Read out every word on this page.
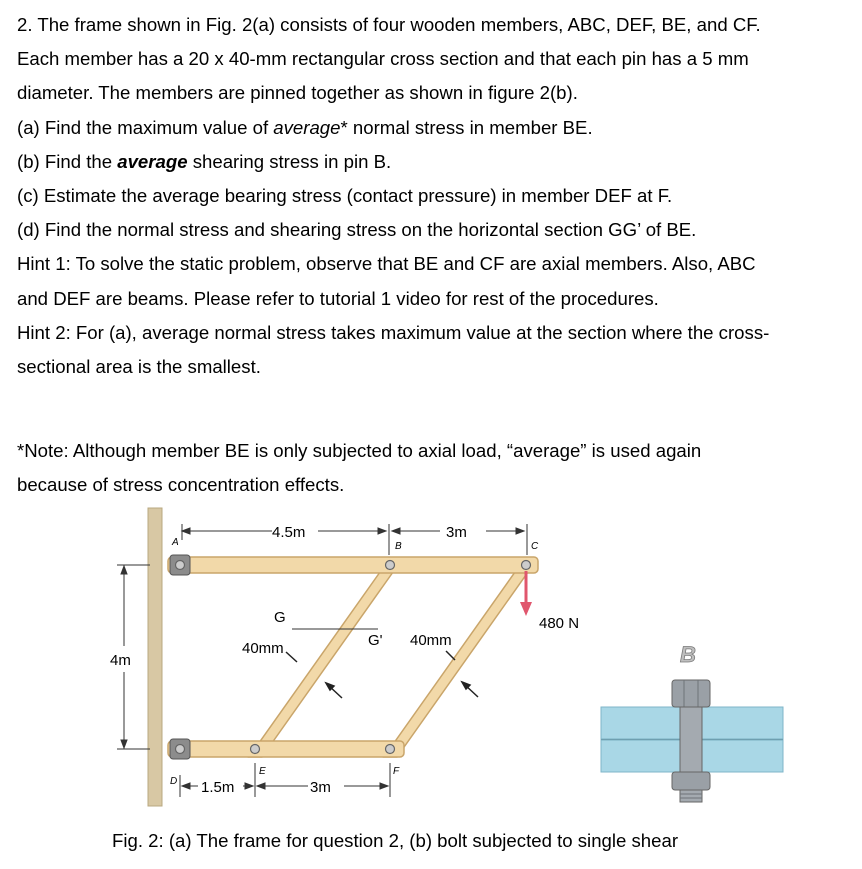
2. The frame shown in Fig. 2(a) consists of four wooden members, ABC, DEF, BE, and CF.
Each member has a 20 x 40-mm rectangular cross section and that each pin has a 5 mm
diameter. The members are pinned together as shown in figure 2(b).
(a) Find the maximum value of average* normal stress in member BE.
(b) Find the average shearing stress in pin B.
(c) Estimate the average bearing stress (contact pressure) in member DEF at F.
(d) Find the normal stress and shearing stress on the horizontal section GG’ of BE.
Hint 1: To solve the static problem, observe that BE and CF are axial members. Also, ABC
and DEF are beams. Please refer to tutorial 1 video for rest of the procedures.
Hint 2: For (a), average normal stress takes maximum value at the section where the cross-
sectional area is the smallest.
*Note: Although member BE is only subjected to axial load, “average” is used again
because of stress concentration effects.
4.5m	3m
A	B	C
480 N
G
G'
40mm	40mm
4m
D
E	F
1.5m	3m
B
Fig. 2: (a) The frame for question 2, (b) bolt subjected to single shear
